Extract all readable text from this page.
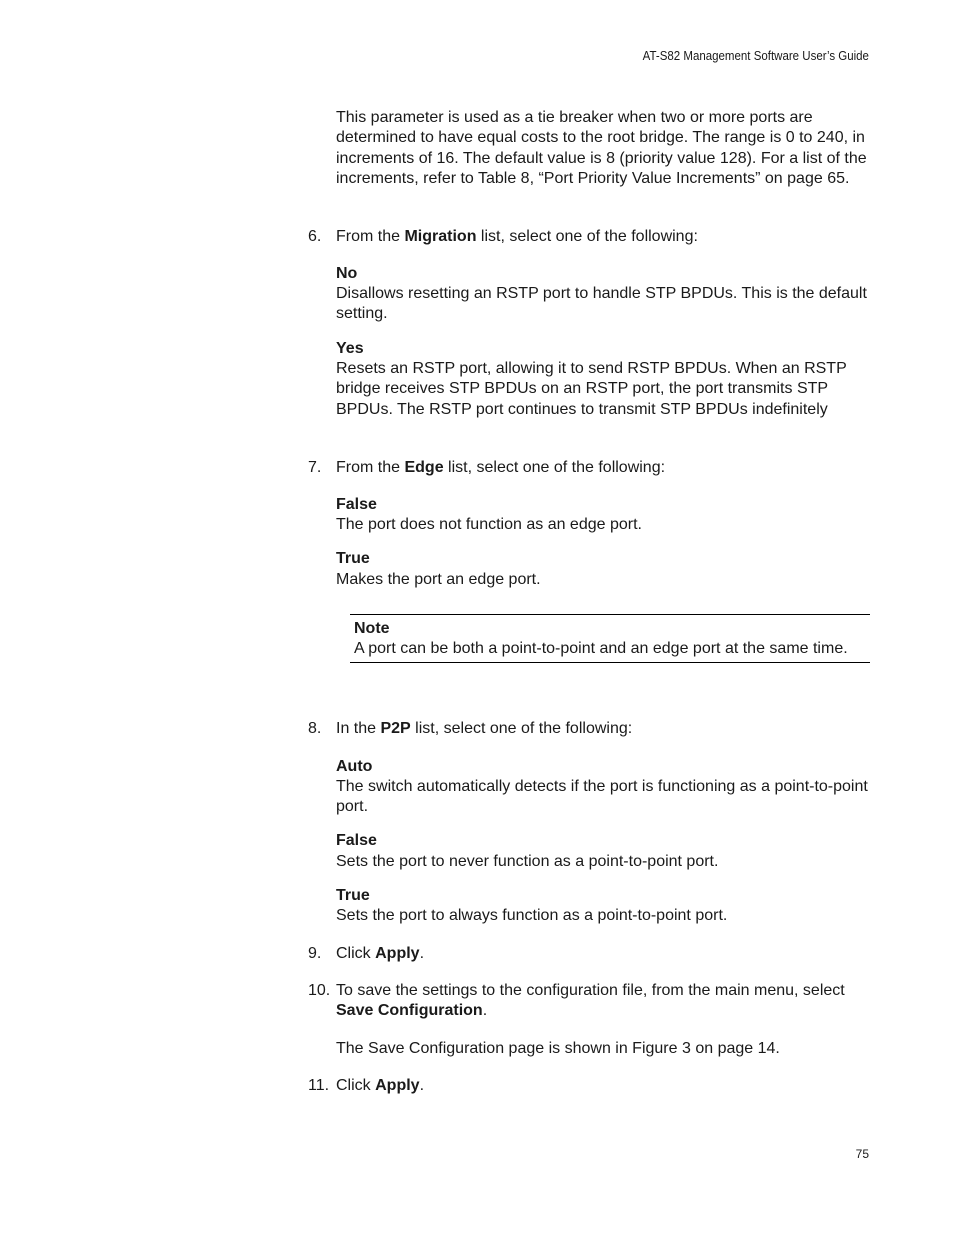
AT-S82 Management Software User’s Guide

This parameter is used as a tie breaker when two or more ports are determined to have equal costs to the root bridge. The range is 0 to 240, in increments of 16. The default value is 8 (priority value 128). For a list of the increments, refer to Table 8, “Port Priority Value Increments” on page 65.

6. From the Migration list, select one of the following:

No

Disallows resetting an RSTP port to handle STP BPDUs. This is the default setting.

Yes

Resets an RSTP port, allowing it to send RSTP BPDUs. When an RSTP bridge receives STP BPDUs on an RSTP port, the port transmits STP BPDUs. The RSTP port continues to transmit STP BPDUs indefinitely

7. From the Edge list, select one of the following:

False

The port does not function as an edge port.

True

Makes the port an edge port.

Note
A port can be both a point-to-point and an edge port at the same time.

8. In the P2P list, select one of the following:

Auto

The switch automatically detects if the port is functioning as a point-to-point port.

False

Sets the port to never function as a point-to-point port.

True

Sets the port to always function as a point-to-point port.

9. Click Apply.

10. To save the settings to the configuration file, from the main menu, select Save Configuration.

The Save Configuration page is shown in Figure 3 on page 14.

11. Click Apply.

75
